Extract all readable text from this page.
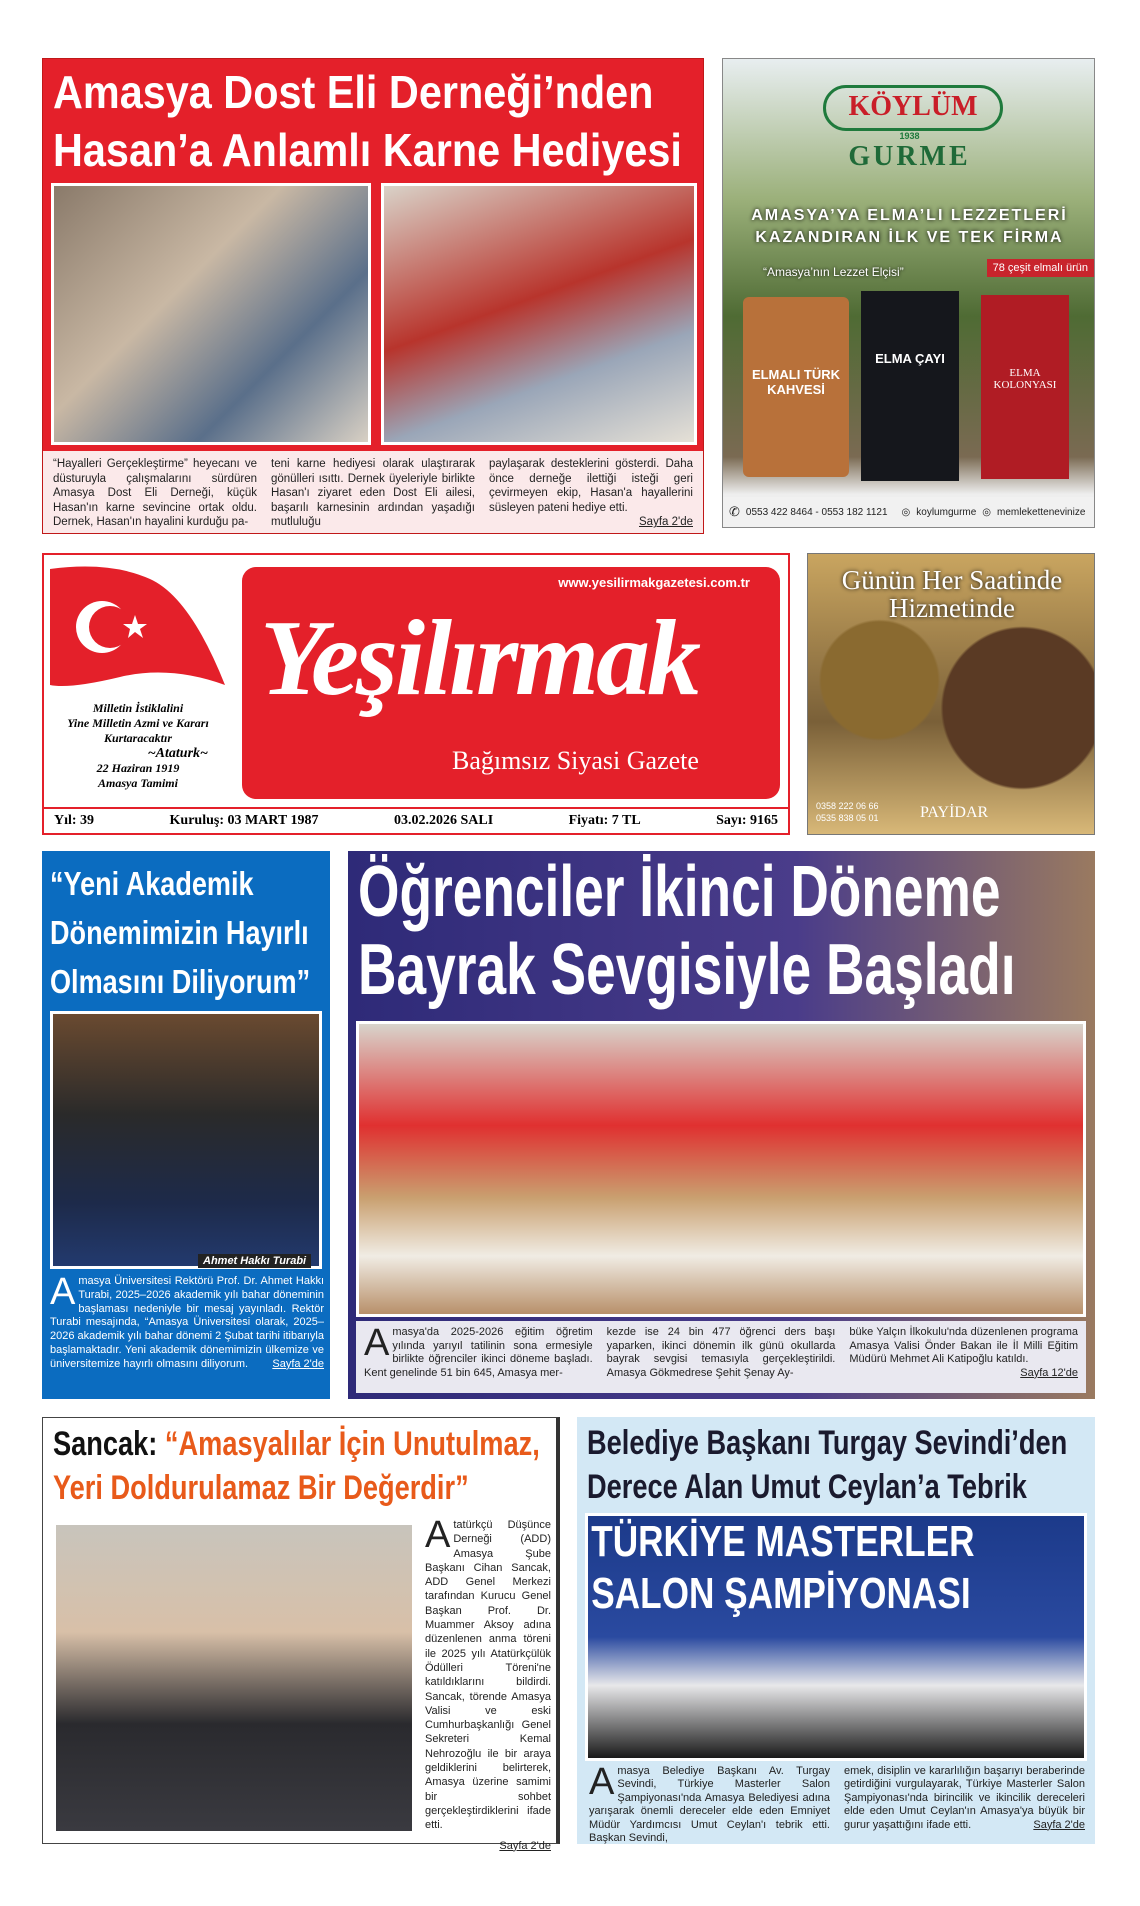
Amasya Dost Eli Derneği’nden
Hasan’a Anlamlı Karne Hediyesi
“Hayalleri Gerçekleştirme” heyecanı ve düsturuyla çalışmalarını sürdüren Amasya Dost Eli Derneği, küçük Hasan'ın karne sevincine ortak oldu. Dernek, Hasan'ın hayalini kurduğu pa-
teni karne hediyesi olarak ulaştırarak gönülleri ısıttı. Dernek üyeleriyle birlikte Hasan'ı ziyaret eden Dost Eli ailesi, başarılı karnesinin ardından yaşadığı mutluluğu
paylaşarak desteklerini gösterdi. Daha önce derneğe ilettiği isteği geri çevirmeyen ekip, Hasan'a hayallerini süsleyen pateni hediye etti.

Sayfa 2'de
KÖYLÜM
1938
GURME
AMASYA’YA ELMA’LI LEZZETLERİ
KAZANDIRAN İLK VE TEK FİRMA
“Amasya’nın Lezzet Elçisi”	78 çeşit elmalı ürün
ELMALI TÜRK KAHVESİ
ELMA ÇAYI
ELMA KOLONYASI
✆ 0553 422 8464 - 0553 182 1121 ◎ koylumgurme ◎ memlekettenevinize
Milletin İstiklalini
Yine Milletin Azmi ve Kararı
Kurtaracaktır
~Ataturk~
22 Haziran 1919
Amasya Tamimi
www.yesilirmakgazetesi.com.tr
Yeşilırmak
Bağımsız Siyasi Gazete
Yıl: 39	Kuruluş: 03 MART 1987	03.02.2026 SALI	Fiyatı: 7 TL	Sayı: 9165
Günün Her Saatinde
Hizmetinde
0358 222 06 66
0535 838 05 01	PAYİDAR
“Yeni Akademik
Dönemimizin Hayırlı
Olmasını Diliyorum”
Ahmet Hakkı Turabi
Amasya Üniversitesi Rektörü Prof. Dr. Ahmet Hakkı Turabi, 2025–2026 akademik yılı bahar döneminin başlaması nedeniyle bir mesaj yayınladı. Rektör Turabi mesajında, “Amasya Üniversitesi olarak, 2025–2026 akademik yılı bahar dönemi 2 Şubat tarihi itibarıyla başlamaktadır. Yeni akademik dönemimizin ülkemize ve üniversitemize hayırlı olmasını diliyorum. Sayfa 2'de
Öğrenciler İkinci Döneme
Bayrak Sevgisiyle Başladı
Amasya'da 2025-2026 eğitim öğretim yılında yarıyıl tatilinin sona ermesiyle birlikte öğrenciler ikinci döneme başladı. Kent genelinde 51 bin 645, Amasya mer-
kezde ise 24 bin 477 öğrenci ders başı yaparken, ikinci dönemin ilk günü okullarda bayrak sevgisi temasıyla gerçekleştirildi. Amasya Gökmedrese Şehit Şenay Ay-
büke Yalçın İlkokulu'nda düzenlenen programa Amasya Valisi Önder Bakan ile İl Milli Eğitim Müdürü Mehmet Ali Katipoğlu katıldı.
Sayfa 12'de
Sancak: “Amasyalılar İçin Unutulmaz,
Yeri Doldurulamaz Bir Değerdir”
Atatürkçü Düşünce Derneği (ADD) Amasya Şube Başkanı Cihan Sancak, ADD Genel Merkezi tarafından Kurucu Genel Başkan Prof. Dr. Muammer Aksoy adına düzenlenen anma töreni ile 2025 yılı Atatürkçülük Ödülleri Töreni'ne katıldıklarını bildirdi. Sancak, törende Amasya Valisi ve eski Cumhurbaşkanlığı Genel Sekreteri Kemal Nehrozoğlu ile bir araya geldiklerini belirterek, Amasya üzerine samimi bir sohbet gerçekleştirdiklerini ifade etti.
Sayfa 2'de
Belediye Başkanı Turgay Sevindi’den
Derece Alan Umut Ceylan’a Tebrik
TÜRKİYE MASTERLER
SALON ŞAMPİYONASI
Amasya Belediye Başkanı Av. Turgay Sevindi, Türkiye Masterler Salon Şampiyonası'nda Amasya Belediyesi adına yarışarak önemli dereceler elde eden Emniyet Müdür Yardımcısı Umut Ceylan'ı tebrik etti. Başkan Sevindi,
emek, disiplin ve kararlılığın başarıyı beraberinde getirdiğini vurgulayarak, Türkiye Masterler Salon Şampiyonası'nda birincilik ve ikincilik dereceleri elde eden Umut Ceylan'ın Amasya'ya büyük bir gurur yaşattığını ifade etti.	Sayfa 2'de
